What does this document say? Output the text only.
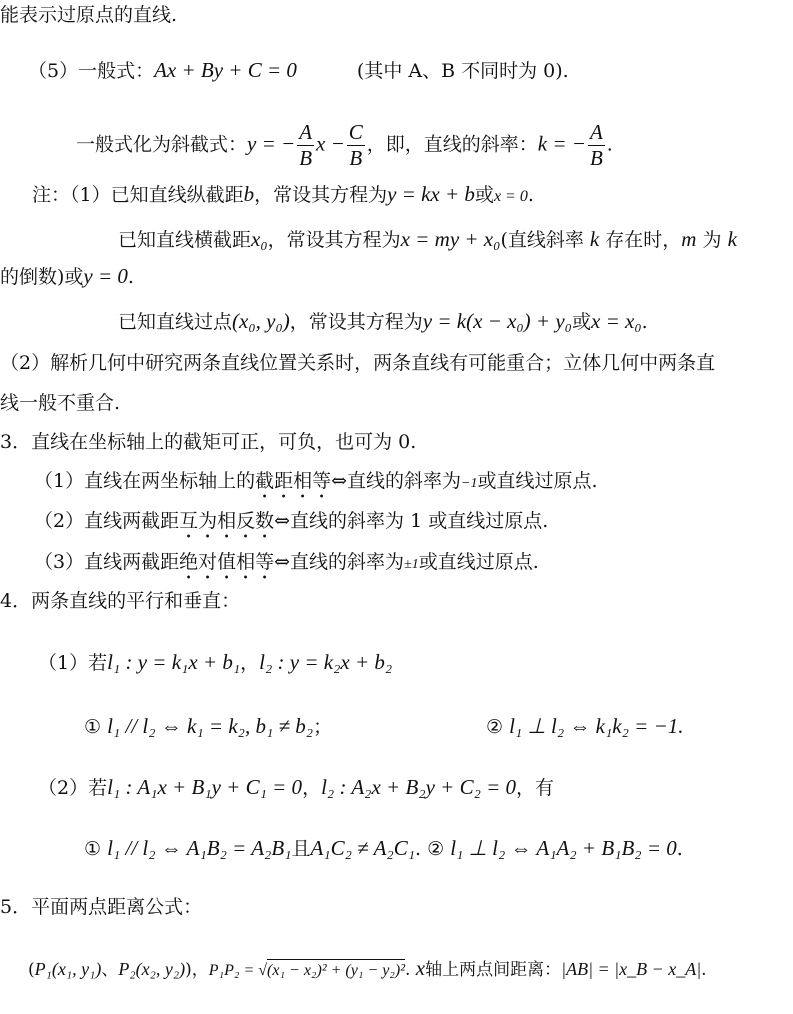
能表示过原点的直线.
（5）一般式：Ax + By + C = 0	(其中 A、B 不同时为 0).
一般式化为斜截式：y = − $\frac{A}{B}$ $x - \frac{C}{B}$ ，即，直线的斜率：k = − $\frac{A}{B}$ .
注：（1）已知直线纵截距b，常设其方程为y = kx + b或x = 0.
已知直线横截距x₀，常设其方程为x = my + x₀(直线斜率 k 存在时，m 为 k
的倒数)或y = 0.
已知直线过点(x₀, y₀)，常设其方程为y = k(x − x₀) + y₀或x = x₀.
（2）解析几何中研究两条直线位置关系时，两条直线有可能重合；立体几何中两条直
线一般不重合.
3．直线在坐标轴上的截矩可正，可负，也可为 0.
（1）直线在两坐标轴上的截距相等⇔直线的斜率为−1或直线过原点.
（2）直线两截距互为相反数⇔直线的斜率为 1 或直线过原点.
（3）直线两截距绝对值相等⇔直线的斜率为±1或直线过原点.
4．两条直线的平行和垂直：
（1）若l₁ : y = k₁x + b₁，l₂ : y = k₂x + b₂
① l₁ // l₂ ⇔ k₁ = k₂, b₁ ≠ b₂；	② l₁ ⊥ l₂ ⇔ k₁k₂ = −1.
（2）若l₁ : A₁x + B₁y + C₁ = 0，l₂ : A₂x + B₂y + C₂ = 0，有
① l₁ // l₂ ⇔ A₁B₂ = A₂B₁且A₁C₂ ≠ A₂C₁. ② l₁ ⊥ l₂ ⇔ A₁A₂ + B₁B₂ = 0.
5．平面两点距离公式：
(P₁(x₁, y₁)、P₂(x₂, y₂))，P₁P₂ = √(x₁ − x₂)² + (y₁ − y₂)². x轴上两点间距离：|AB| = |x_B − x_A|.
